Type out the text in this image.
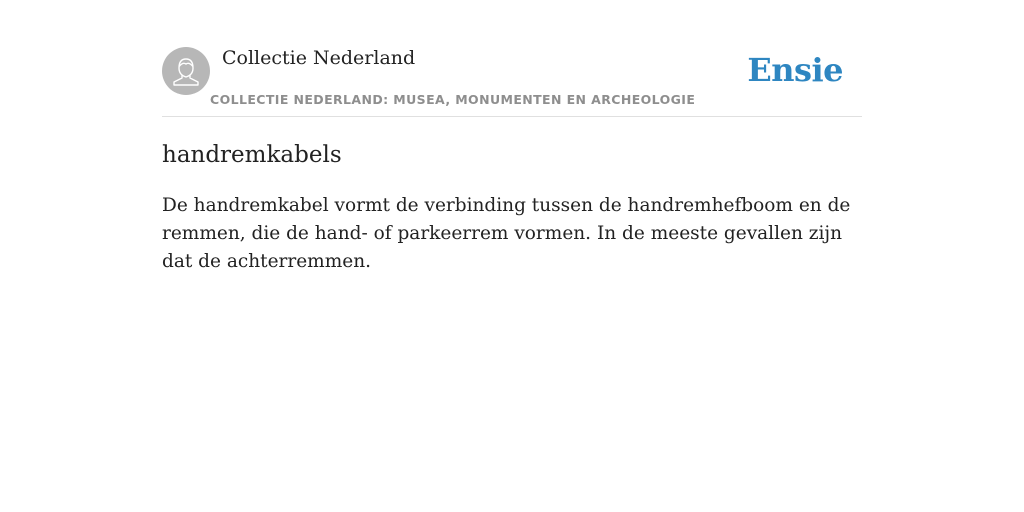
Collectie Nederland
COLLECTIE NEDERLAND: MUSEA, MONUMENTEN EN ARCHEOLOGIE
Ensie
handremkabels

De handremkabel vormt de verbinding tussen de handremhefboom en de remmen, die de hand- of parkeerrem vormen. In de meeste gevallen zijn dat de achterremmen.
